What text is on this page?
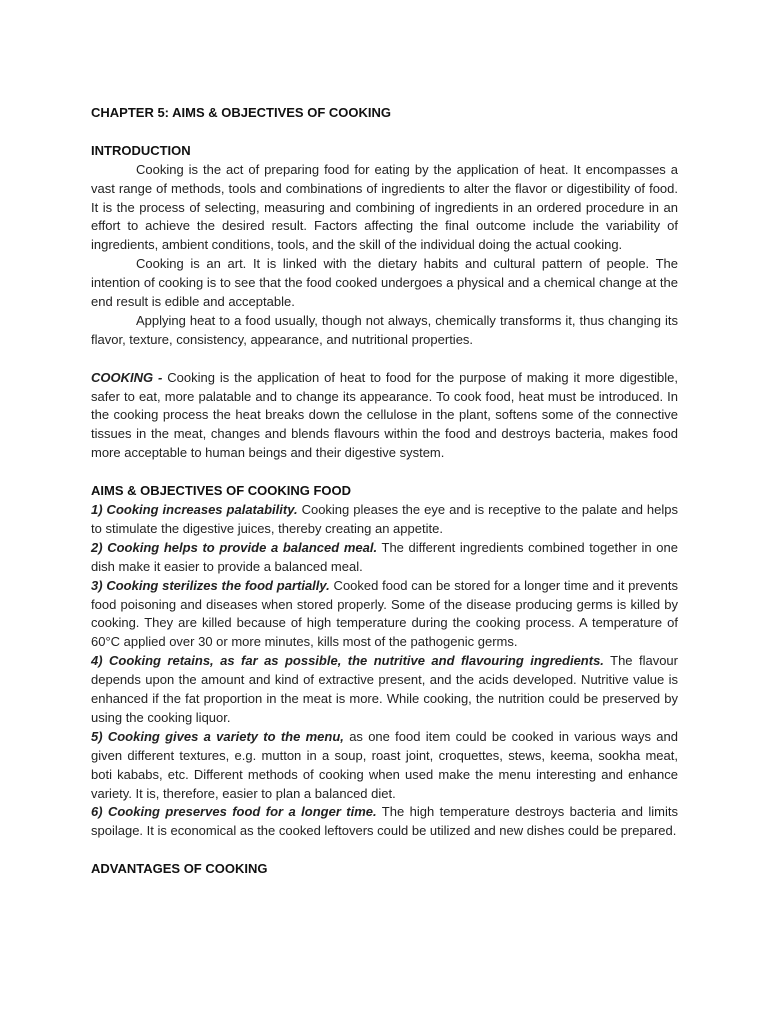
CHAPTER 5: AIMS & OBJECTIVES OF COOKING

INTRODUCTION

Cooking is the act of preparing food for eating by the application of heat. It encompasses a vast range of methods, tools and combinations of ingredients to alter the flavor or digestibility of food. It is the process of selecting, measuring and combining of ingredients in an ordered procedure in an effort to achieve the desired result. Factors affecting the final outcome include the variability of ingredients, ambient conditions, tools, and the skill of the individual doing the actual cooking.

Cooking is an art. It is linked with the dietary habits and cultural pattern of people. The intention of cooking is to see that the food cooked undergoes a physical and a chemical change at the end result is edible and acceptable.

Applying heat to a food usually, though not always, chemically transforms it, thus changing its flavor, texture, consistency, appearance, and nutritional properties.

COOKING - Cooking is the application of heat to food for the purpose of making it more digestible, safer to eat, more palatable and to change its appearance. To cook food, heat must be introduced. In the cooking process the heat breaks down the cellulose in the plant, softens some of the connective tissues in the meat, changes and blends flavours within the food and destroys bacteria, makes food more acceptable to human beings and their digestive system.

AIMS & OBJECTIVES OF COOKING FOOD

1) Cooking increases palatability. Cooking pleases the eye and is receptive to the palate and helps to stimulate the digestive juices, thereby creating an appetite.

2) Cooking helps to provide a balanced meal. The different ingredients combined together in one dish make it easier to provide a balanced meal.

3) Cooking sterilizes the food partially. Cooked food can be stored for a longer time and it prevents food poisoning and diseases when stored properly. Some of the disease producing germs is killed by cooking. They are killed because of high temperature during the cooking process. A temperature of 60°C applied over 30 or more minutes, kills most of the pathogenic germs.

4) Cooking retains, as far as possible, the nutritive and flavouring ingredients. The flavour depends upon the amount and kind of extractive present, and the acids developed. Nutritive value is enhanced if the fat proportion in the meat is more. While cooking, the nutrition could be preserved by using the cooking liquor.

5) Cooking gives a variety to the menu, as one food item could be cooked in various ways and given different textures, e.g. mutton in a soup, roast joint, croquettes, stews, keema, sookha meat, boti kababs, etc. Different methods of cooking when used make the menu interesting and enhance variety. It is, therefore, easier to plan a balanced diet.

6) Cooking preserves food for a longer time. The high temperature destroys bacteria and limits spoilage. It is economical as the cooked leftovers could be utilized and new dishes could be prepared.

ADVANTAGES OF COOKING
